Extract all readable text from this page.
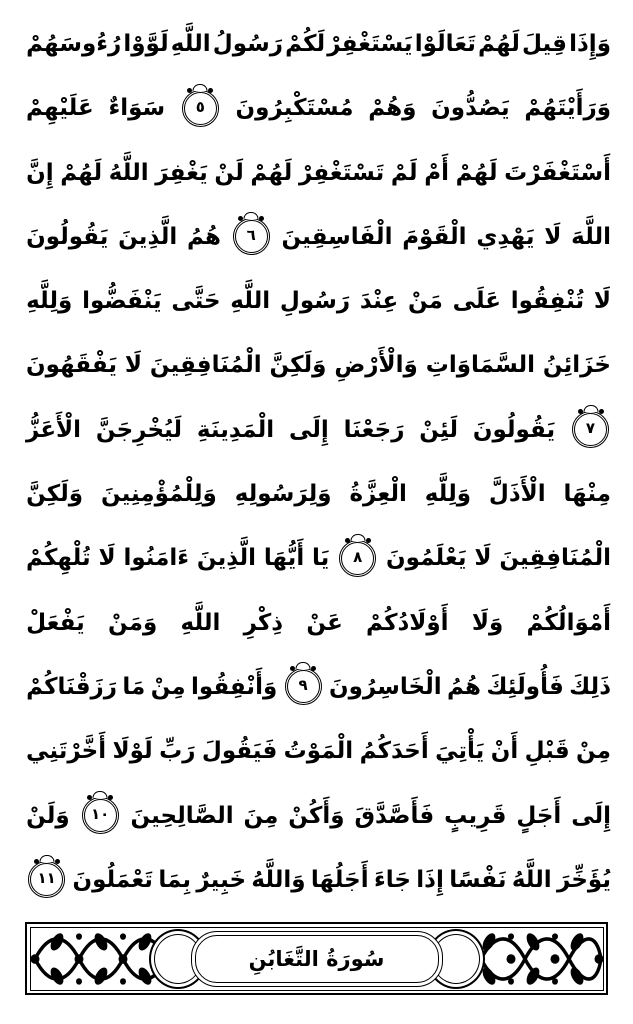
وَإِذَا
قِيلَ
لَهُمْ
تَعَالَوْا
يَسْتَغْفِرْ
لَكُمْ
رَسُولُ
اللَّهِ
لَوَّوْا
رُءُوسَهُمْ
وَرَأَيْتَهُمْ
يَصُدُّونَ
وَهُمْ
مُسْتَكْبِرُونَ
٥
سَوَاءٌ
عَلَيْهِمْ
أَسْتَغْفَرْتَ
لَهُمْ
أَمْ
لَمْ
تَسْتَغْفِرْ
لَهُمْ
لَنْ
يَغْفِرَ
اللَّهُ
لَهُمْ
إِنَّ
اللَّهَ
لَا
يَهْدِي
الْقَوْمَ
الْفَاسِقِينَ
٦
هُمُ
الَّذِينَ
يَقُولُونَ
لَا
تُنْفِقُوا
عَلَى
مَنْ
عِنْدَ
رَسُولِ
اللَّهِ
حَتَّى
يَنْفَضُّوا
وَلِلَّهِ
خَزَائِنُ
السَّمَاوَاتِ
وَالْأَرْضِ
وَلَكِنَّ
الْمُنَافِقِينَ
لَا
يَفْقَهُونَ
٧
يَقُولُونَ
لَئِنْ
رَجَعْنَا
إِلَى
الْمَدِينَةِ
لَيُخْرِجَنَّ
الْأَعَزُّ
مِنْهَا
الْأَذَلَّ
وَلِلَّهِ
الْعِزَّةُ
وَلِرَسُولِهِ
وَلِلْمُؤْمِنِينَ
وَلَكِنَّ
الْمُنَافِقِينَ
لَا
يَعْلَمُونَ
٨
يَا
أَيُّهَا
الَّذِينَ
ءَامَنُوا
لَا
تُلْهِكُمْ
أَمْوَالُكُمْ
وَلَا
أَوْلَادُكُمْ
عَنْ
ذِكْرِ
اللَّهِ
وَمَنْ
يَفْعَلْ
ذَلِكَ
فَأُولَئِكَ
هُمُ
الْخَاسِرُونَ
٩
وَأَنْفِقُوا
مِنْ
مَا
رَزَقْنَاكُمْ
مِنْ
قَبْلِ
أَنْ
يَأْتِيَ
أَحَدَكُمُ
الْمَوْتُ
فَيَقُولَ
رَبِّ
لَوْلَا
أَخَّرْتَنِي
إِلَى
أَجَلٍ
قَرِيبٍ
فَأَصَّدَّقَ
وَأَكُنْ
مِنَ
الصَّالِحِينَ
١٠
وَلَنْ
يُؤَخِّرَ
اللَّهُ
نَفْسًا
إِذَا
جَاءَ
أَجَلُهَا
وَاللَّهُ
خَبِيرٌ
بِمَا
تَعْمَلُونَ
١١
سُورَةُ التَّغَابُنِ
